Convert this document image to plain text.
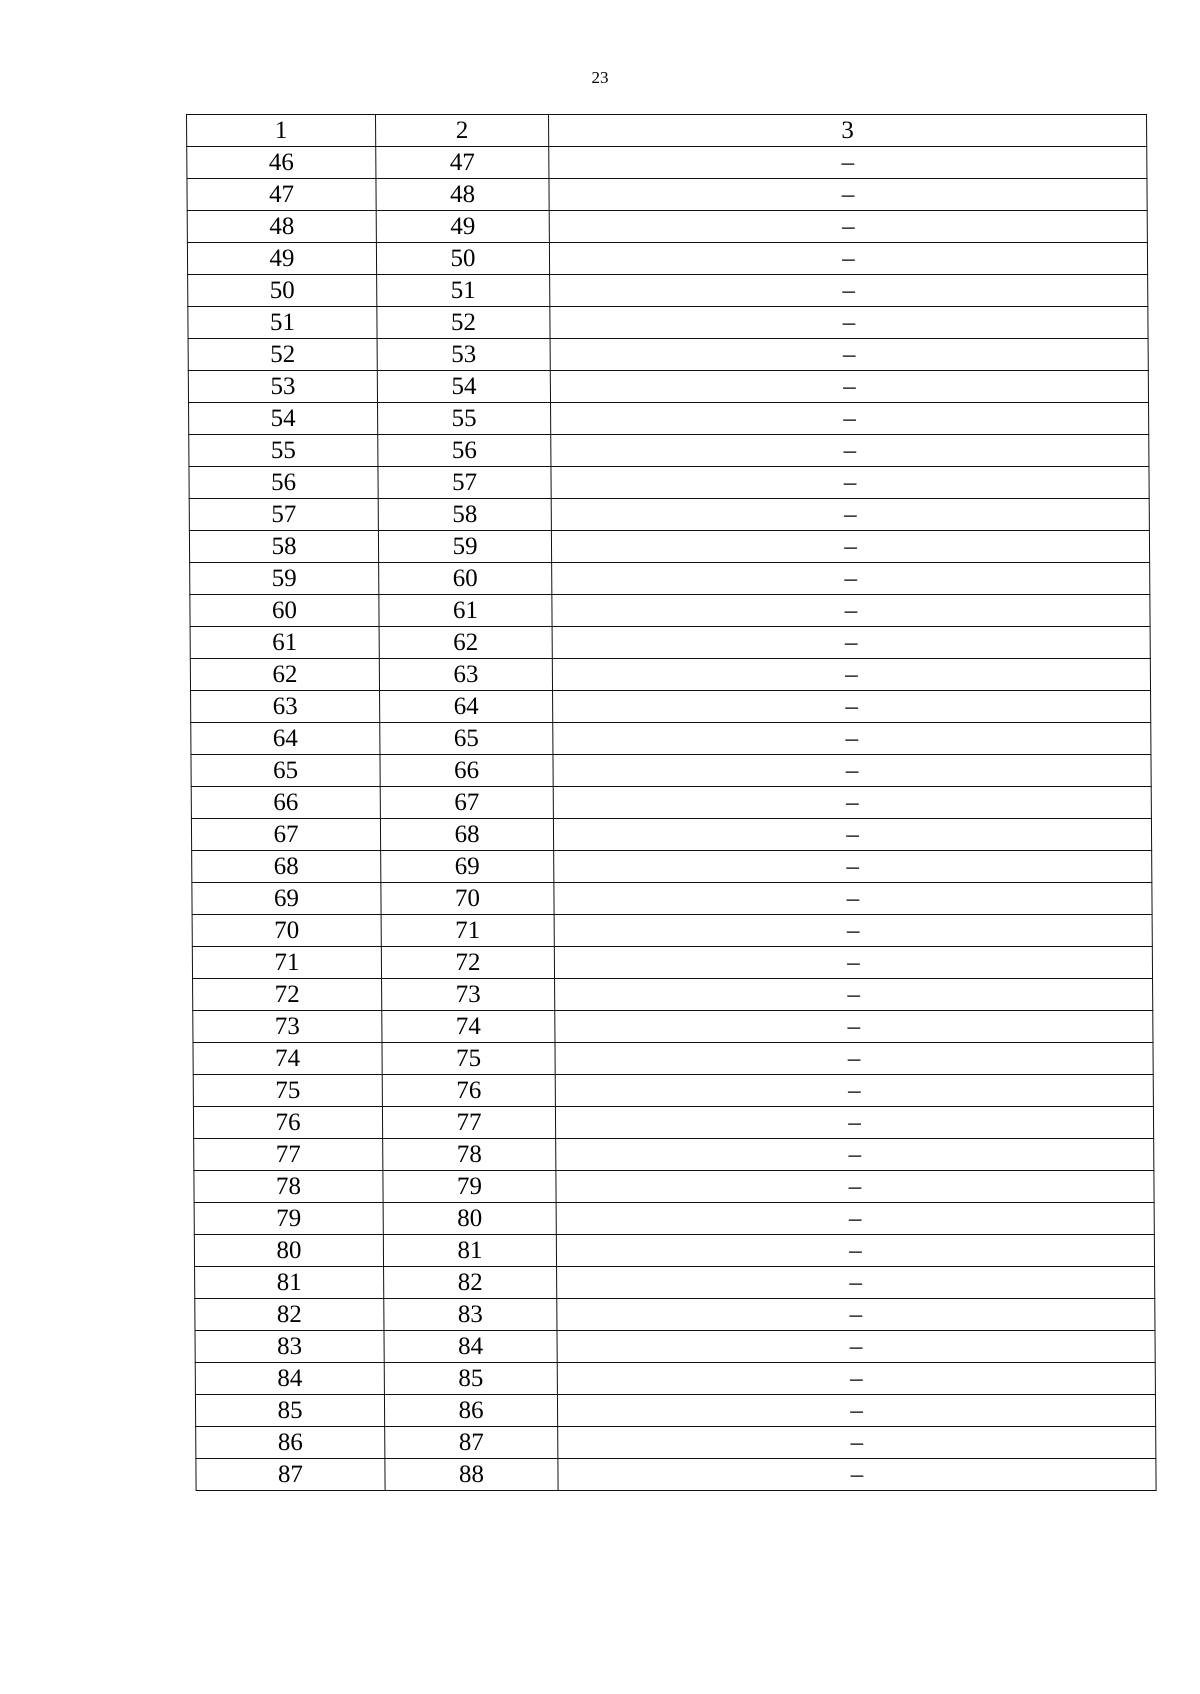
23
1	2	3
46	47	–
47	48	–
48	49	–
49	50	–
50	51	–
51	52	–
52	53	–
53	54	–
54	55	–
55	56	–
56	57	–
57	58	–
58	59	–
59	60	–
60	61	–
61	62	–
62	63	–
63	64	–
64	65	–
65	66	–
66	67	–
67	68	–
68	69	–
69	70	–
70	71	–
71	72	–
72	73	–
73	74	–
74	75	–
75	76	–
76	77	–
77	78	–
78	79	–
79	80	–
80	81	–
81	82	–
82	83	–
83	84	–
84	85	–
85	86	–
86	87	–
87	88	–
